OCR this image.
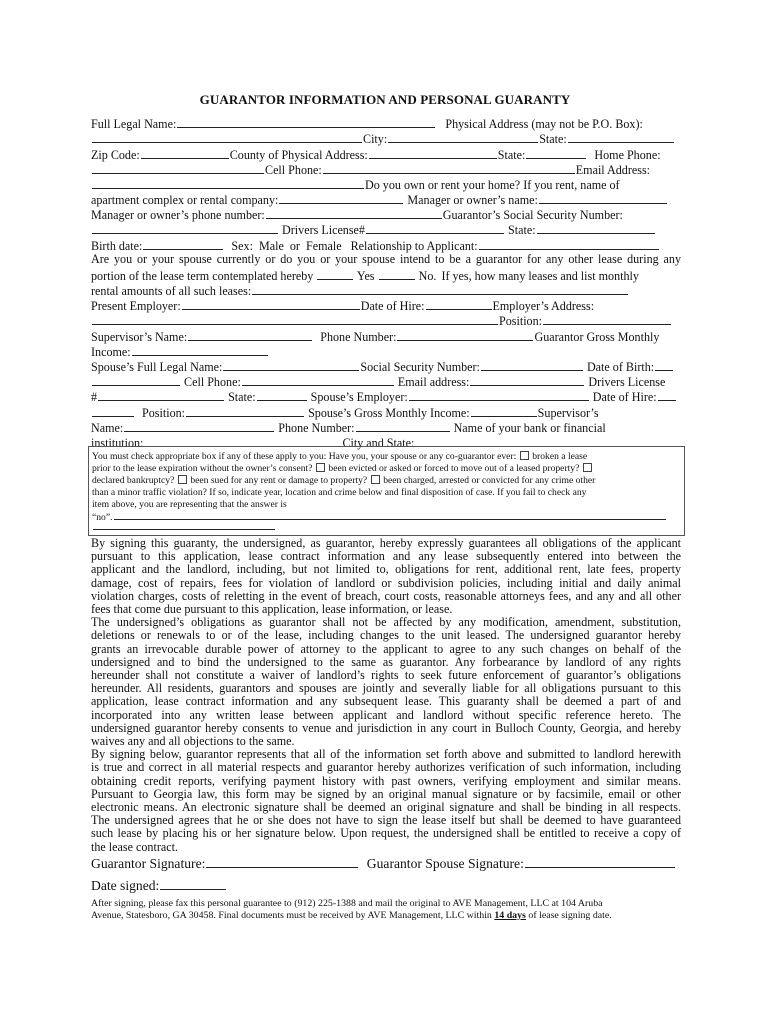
GUARANTOR INFORMATION AND PERSONAL GUARANTY
Full Legal Name:	Physical Address (may not be P.O. Box):
City:	State:
Zip Code:	County of Physical Address:	State:	Home Phone:
Cell Phone:	Email Address:
Do you own or rent your home? If you rent, name of
apartment complex or rental company:	Manager or owner’s name:
Manager or owner’s phone number:	Guarantor’s Social Security Number:
Drivers License#	State:
Birth date:	Sex: Male or Female Relationship to Applicant:
Are you or your spouse currently or do you or your spouse intend to be a guarantor for any other lease during any
portion of the lease term contemplated hereby	Yes	No. If yes, how many leases and list monthly
rental amounts of all such leases:
Present Employer:	Date of Hire:	Employer’s Address:
Position:
Supervisor’s Name:	Phone Number:	Guarantor Gross Monthly
Income:
Spouse’s Full Legal Name:	Social Security Number:	Date of Birth:
Cell Phone:	Email address:	Drivers License
#	State:	Spouse’s Employer:	Date of Hire:
Position:	Spouse’s Gross Monthly Income:	Supervisor’s
Name:	Phone Number:	Name of your bank or financial
institution:	City and State:
You must check appropriate box if any of these apply to you: Have you, your spouse or any co-guarantor ever: broken a lease
prior to the lease expiration without the owner’s consent? been evicted or asked or forced to move out of a leased property?
declared bankruptcy? been sued for any rent or damage to property? been charged, arrested or convicted for any crime other
than a minor traffic violation? If so, indicate year, location and crime below and final disposition of case. If you fail to check any
item above, you are representing that the answer is
“no”.
By signing this guaranty, the undersigned, as guarantor, hereby expressly guarantees all obligations of the applicant
pursuant to this application, lease contract information and any lease subsequently entered into between the
applicant and the landlord, including, but not limited to, obligations for rent, additional rent, late fees, property
damage, cost of repairs, fees for violation of landlord or subdivision policies, including initial and daily animal
violation charges, costs of reletting in the event of breach, court costs, reasonable attorneys fees, and any and all other
fees that come due pursuant to this application, lease information, or lease.
The undersigned’s obligations as guarantor shall not be affected by any modification, amendment, substitution,
deletions or renewals to or of the lease, including changes to the unit leased. The undersigned guarantor hereby
grants an irrevocable durable power of attorney to the applicant to agree to any such changes on behalf of the
undersigned and to bind the undersigned to the same as guarantor. Any forbearance by landlord of any rights
hereunder shall not constitute a waiver of landlord’s rights to seek future enforcement of guarantor’s obligations
hereunder. All residents, guarantors and spouses are jointly and severally liable for all obligations pursuant to this
application, lease contract information and any subsequent lease. This guaranty shall be deemed a part of and
incorporated into any written lease between applicant and landlord without specific reference hereto. The
undersigned guarantor hereby consents to venue and jurisdiction in any court in Bulloch County, Georgia, and hereby
waives any and all objections to the same.
By signing below, guarantor represents that all of the information set forth above and submitted to landlord herewith
is true and correct in all material respects and guarantor hereby authorizes verification of such information, including
obtaining credit reports, verifying payment history with past owners, verifying employment and similar means.
Pursuant to Georgia law, this form may be signed by an original manual signature or by facsimile, email or other
electronic means. An electronic signature shall be deemed an original signature and shall be binding in all respects.
The undersigned agrees that he or she does not have to sign the lease itself but shall be deemed to have guaranteed
such lease by placing his or her signature below. Upon request, the undersigned shall be entitled to receive a copy of
the lease contract.
Guarantor Signature:	Guarantor Spouse Signature:
Date signed:
After signing, please fax this personal guarantee to (912) 225-1388 and mail the original to AVE Management, LLC at 104 Aruba
Avenue, Statesboro, GA 30458. Final documents must be received by AVE Management, LLC within 14 days of lease signing date.
